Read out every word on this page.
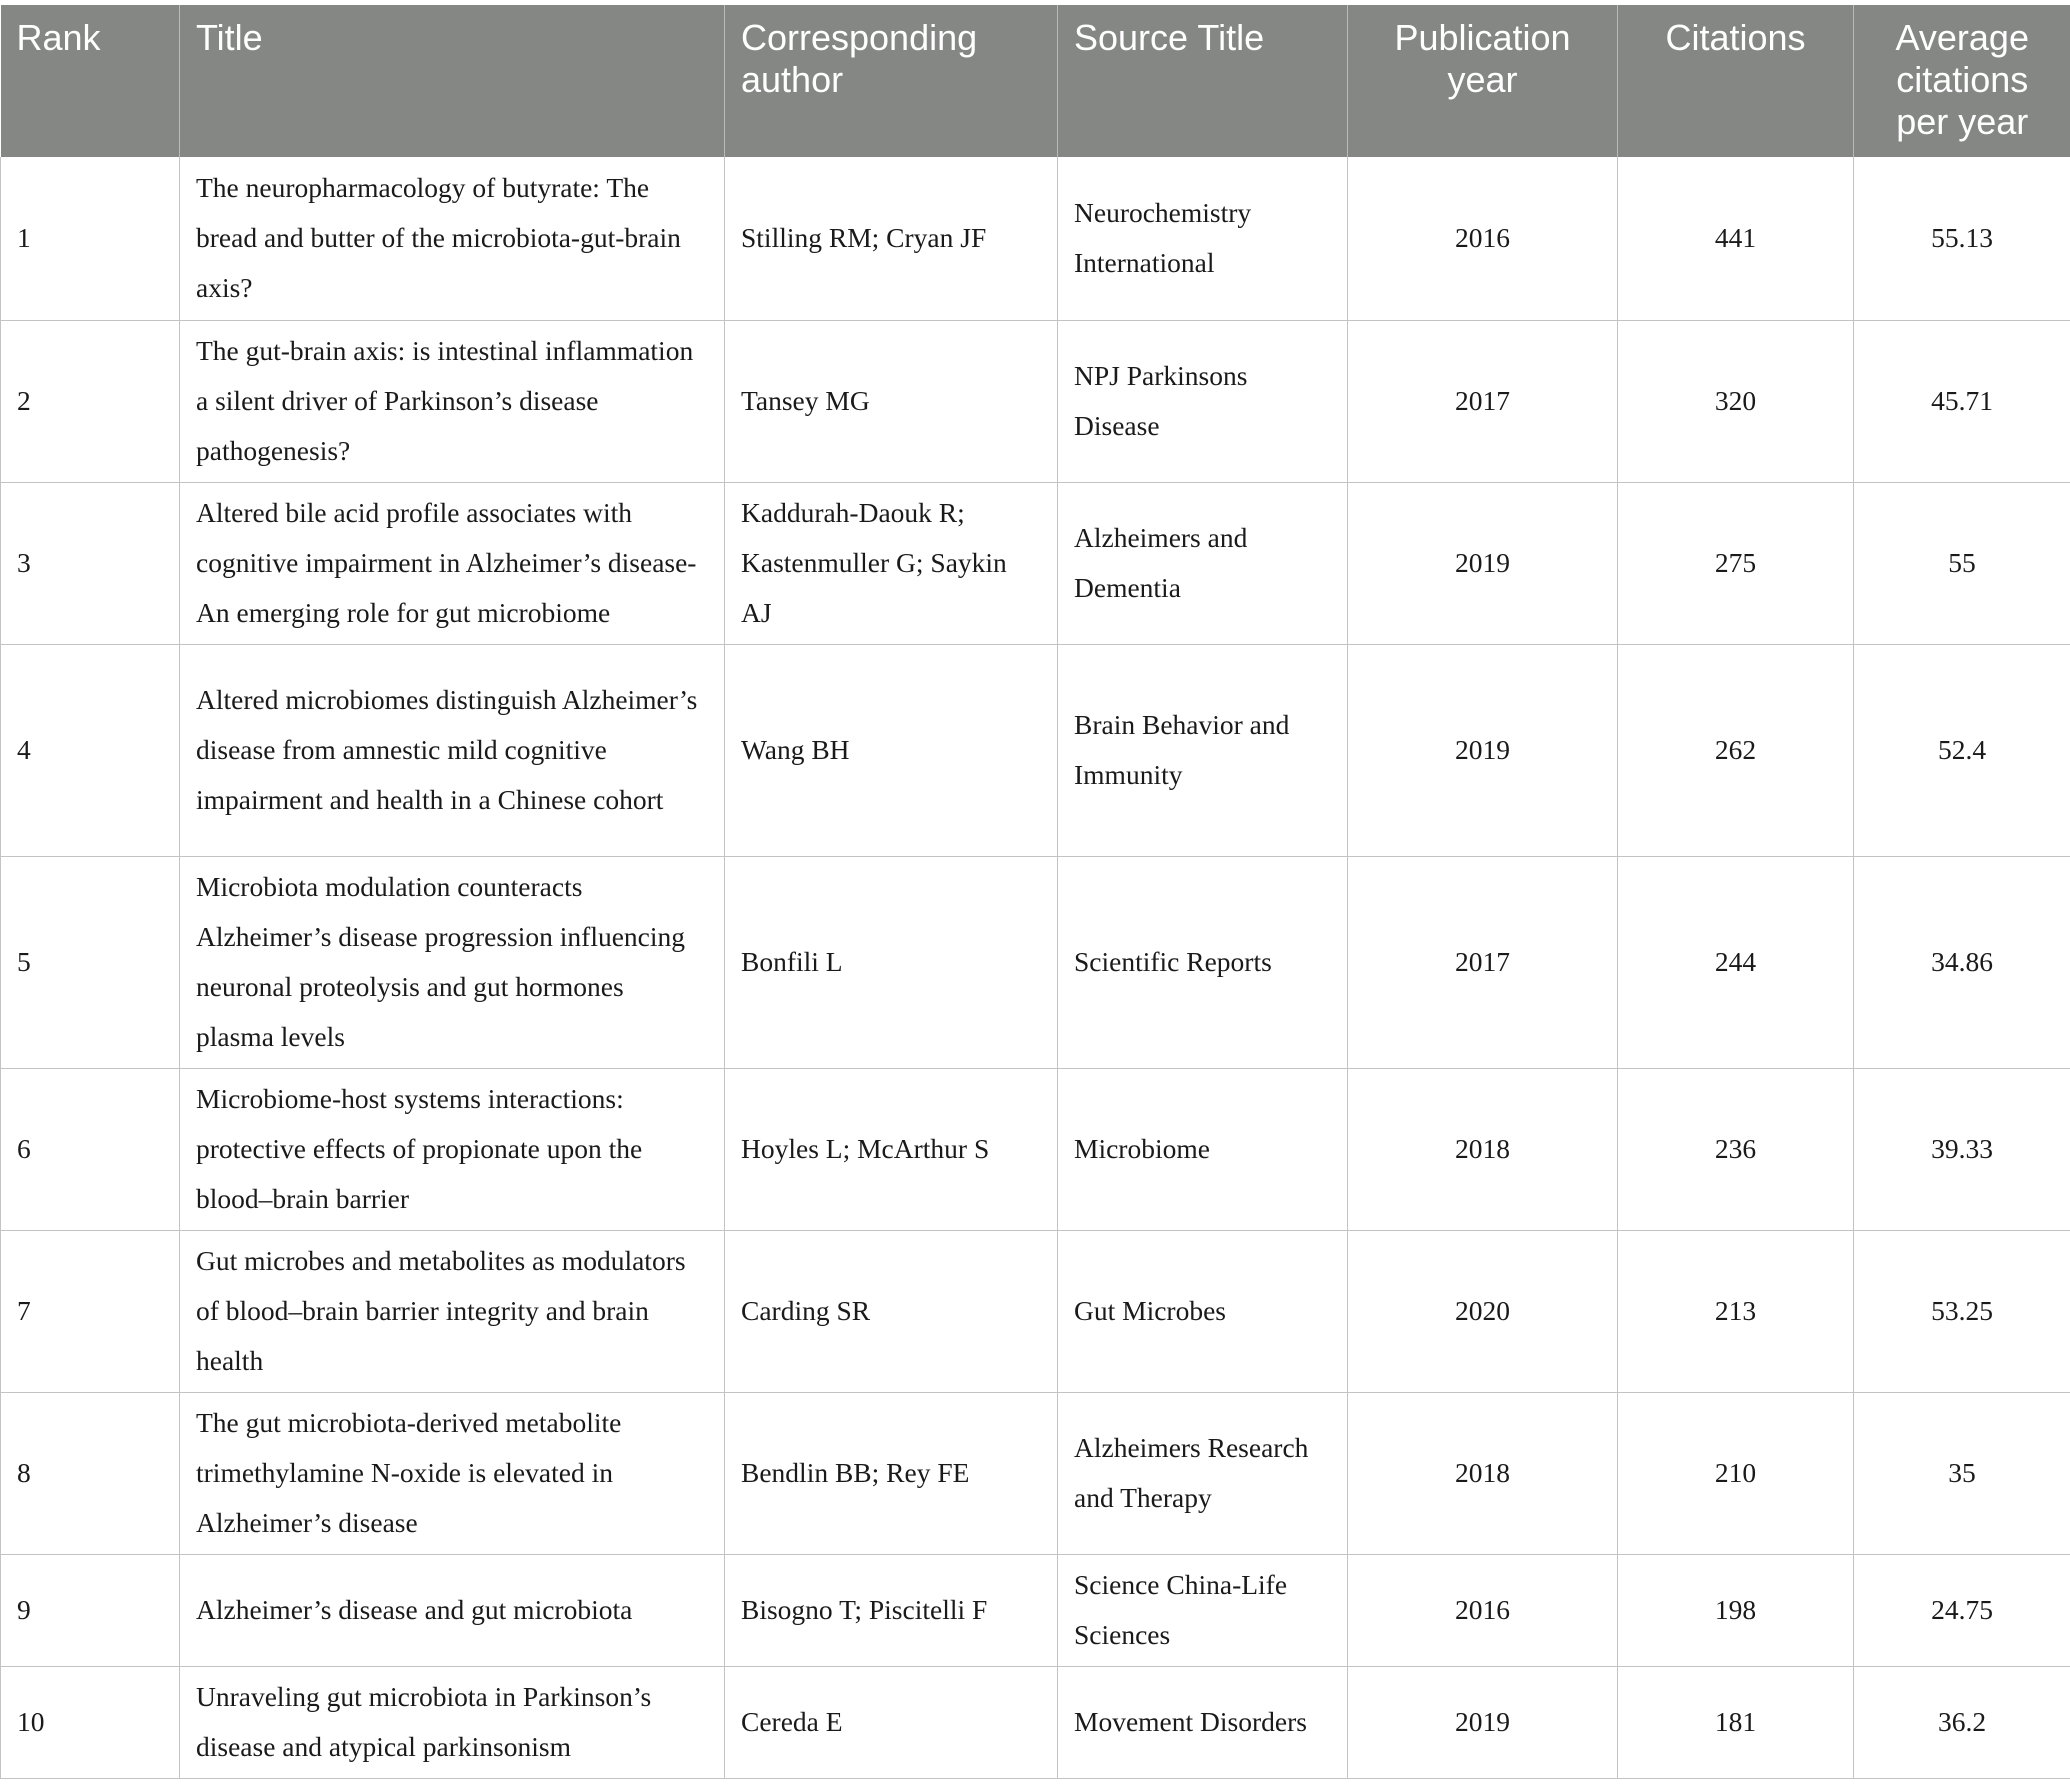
Rank	Title	Corresponding author	Source Title	Publication year	Citations	Average citations per year
1	The neuropharmacology of butyrate: The bread and butter of the microbiota-gut-brain axis?	Stilling RM; Cryan JF	Neurochemistry International	2016	441	55.13
2	The gut-brain axis: is intestinal inflammation a silent driver of Parkinson’s disease pathogenesis?	Tansey MG	NPJ Parkinsons Disease	2017	320	45.71
3	Altered bile acid profile associates with cognitive impairment in Alzheimer’s disease-An emerging role for gut microbiome	Kaddurah-Daouk R; Kastenmuller G; Saykin AJ	Alzheimers and Dementia	2019	275	55
4	Altered microbiomes distinguish Alzheimer’s disease from amnestic mild cognitive impairment and health in a Chinese cohort	Wang BH	Brain Behavior and Immunity	2019	262	52.4
5	Microbiota modulation counteracts Alzheimer’s disease progression influencing neuronal proteolysis and gut hormones plasma levels	Bonfili L	Scientific Reports	2017	244	34.86
6	Microbiome-host systems interactions: protective effects of propionate upon the blood–brain barrier	Hoyles L; McArthur S	Microbiome	2018	236	39.33
7	Gut microbes and metabolites as modulators of blood–brain barrier integrity and brain health	Carding SR	Gut Microbes	2020	213	53.25
8	The gut microbiota-derived metabolite trimethylamine N-oxide is elevated in Alzheimer’s disease	Bendlin BB; Rey FE	Alzheimers Research and Therapy	2018	210	35
9	Alzheimer’s disease and gut microbiota	Bisogno T; Piscitelli F	Science China-Life Sciences	2016	198	24.75
10	Unraveling gut microbiota in Parkinson’s disease and atypical parkinsonism	Cereda E	Movement Disorders	2019	181	36.2
